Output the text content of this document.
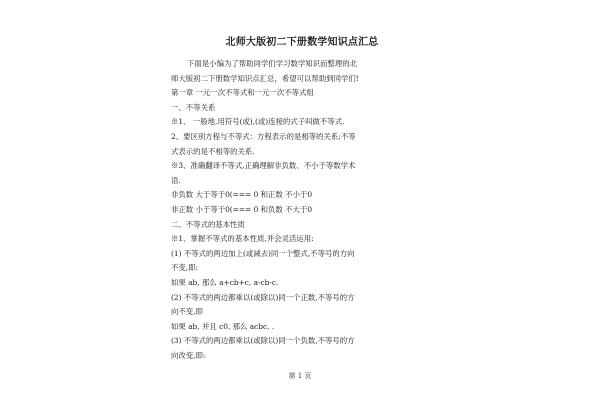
北师大版初二下册数学知识点汇总

下面是小编为了帮助同学们学习数学知识而整理的北

师大版初二下册数学知识点汇总，希望可以帮助到同学们!

第一章 一元一次不等式和一元一次不等式组

一、不等关系

※1、 一般地,用符号(或),(或)连接的式子叫做不等式.

2、要区别方程与不等式：方程表示的是相等的关系;不等

式表示的是不相等的关系.

※3、准确翻译不等式,正确理解非负数、不小于等数学术

语.

非负数 大于等于0(=== 0 和正数 不小于0

非正数 小于等于0(=== 0 和负数 不大于0

二、不等式的基本性质

※1、掌握不等式的基本性质,并会灵活运用:

(1) 不等式的两边加上(或减去)同一个整式,不等号的方向

不变,即:

如果 ab, 那么 a+cb+c, a-cb-c.

(2) 不等式的两边都乘以(或除以)同一个正数,不等号的方

向不变,即

如果 ab, 并且 c0, 那么 acbc, .

(3) 不等式的两边都乘以(或除以)同一个负数,不等号的方

向改变,即:

第 1 页
